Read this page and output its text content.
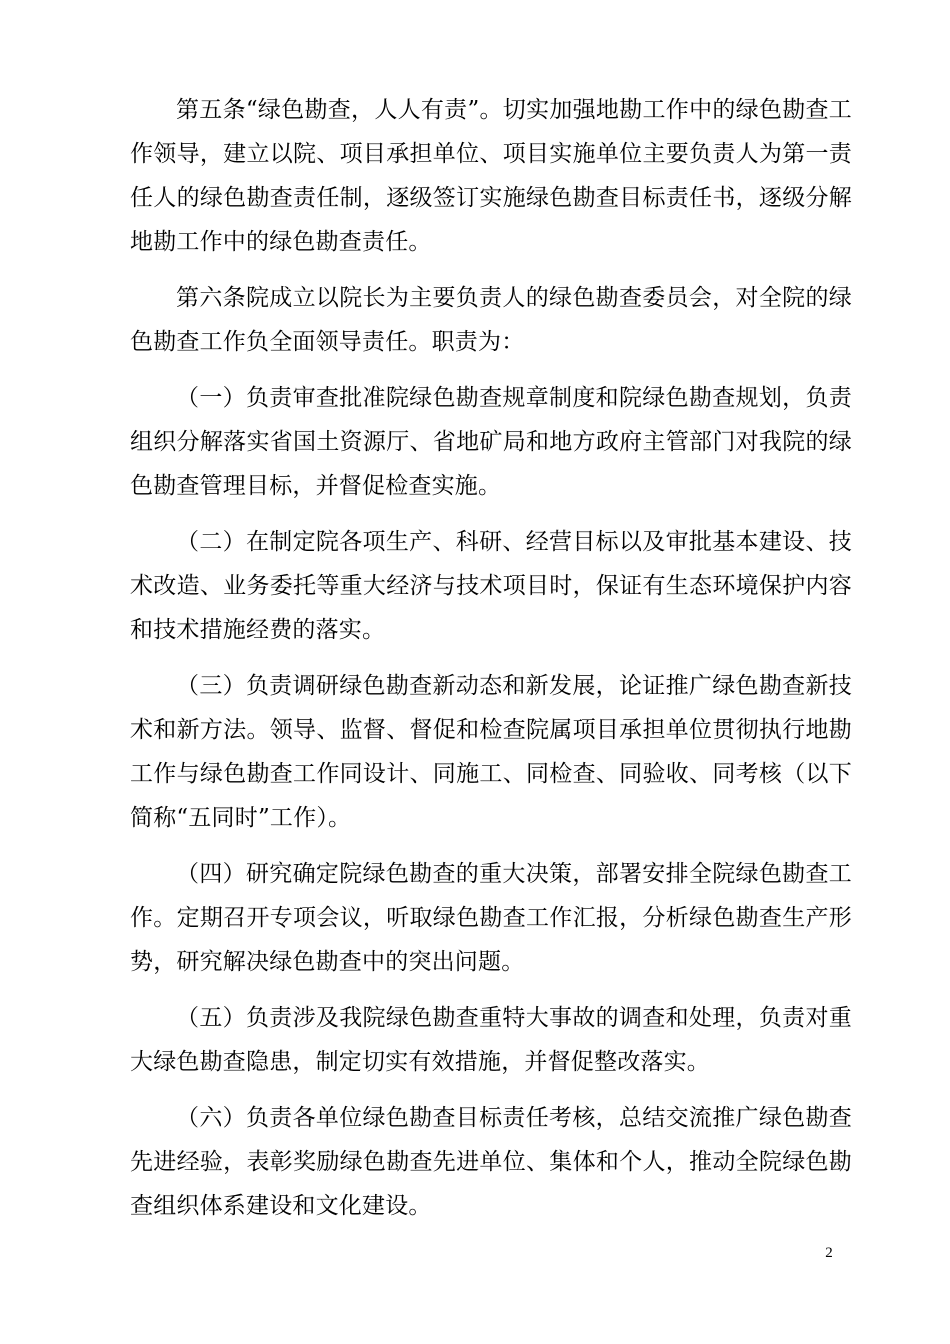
第五条“绿色勘查，人人有责”。切实加强地勘工作中的绿色勘查工作领导，建立以院、项目承担单位、项目实施单位主要负责人为第一责任人的绿色勘查责任制，逐级签订实施绿色勘查目标责任书，逐级分解地勘工作中的绿色勘查责任。

第六条院成立以院长为主要负责人的绿色勘查委员会，对全院的绿色勘查工作负全面领导责任。职责为：

（一）负责审查批准院绿色勘查规章制度和院绿色勘查规划，负责组织分解落实省国土资源厅、省地矿局和地方政府主管部门对我院的绿色勘查管理目标，并督促检查实施。

（二）在制定院各项生产、科研、经营目标以及审批基本建设、技术改造、业务委托等重大经济与技术项目时，保证有生态环境保护内容和技术措施经费的落实。

（三）负责调研绿色勘查新动态和新发展，论证推广绿色勘查新技术和新方法。领导、监督、督促和检查院属项目承担单位贯彻执行地勘工作与绿色勘查工作同设计、同施工、同检查、同验收、同考核（以下简称“五同时”工作）。

（四）研究确定院绿色勘查的重大决策，部署安排全院绿色勘查工作。定期召开专项会议，听取绿色勘查工作汇报，分析绿色勘查生产形势，研究解决绿色勘查中的突出问题。

（五）负责涉及我院绿色勘查重特大事故的调查和处理，负责对重大绿色勘查隐患，制定切实有效措施，并督促整改落实。

（六）负责各单位绿色勘查目标责任考核，总结交流推广绿色勘查先进经验，表彰奖励绿色勘查先进单位、集体和个人，推动全院绿色勘查组织体系建设和文化建设。

2
